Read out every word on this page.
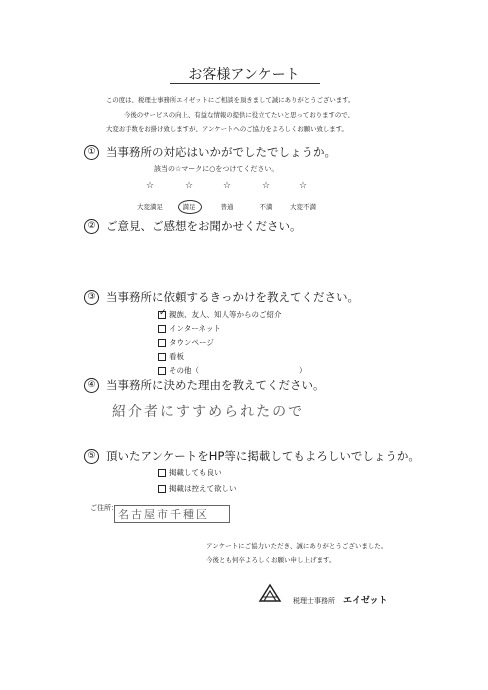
お客様アンケート
この度は、税理士事務所エイゼットにご相談を頂きまして誠にありがとうございます。
今後のサービスの向上、有益な情報の提供に役立てたいと思っておりますので、
大変お手数をお掛け致しますが、アンケートへのご協力をよろしくお願い致します。
① 当事務所の対応はいかがでしたでしょうか。
該当の☆マークに○をつけてください。
☆	☆	☆	☆	☆
大変満足	満足	普通	不満	大変不満
② ご意見、ご感想をお聞かせください。
③ 当事務所に依頼するきっかけを教えてください。
✓ 親族、友人、知人等からのご紹介
インターネット
タウンページ
看板
その他（	）
④ 当事務所に決めた理由を教えてください。
紹介者にすすめられたので
⑤ 頂いたアンケートをHP等に掲載してもよろしいでしょうか。
掲載しても良い
掲載は控えて欲しい
ご住所： 名古屋市千種区
アンケートにご協力いただき、誠にありがとうございました。
今後とも何卒よろしくお願い申し上げます。
税理士事務所 エイゼット
